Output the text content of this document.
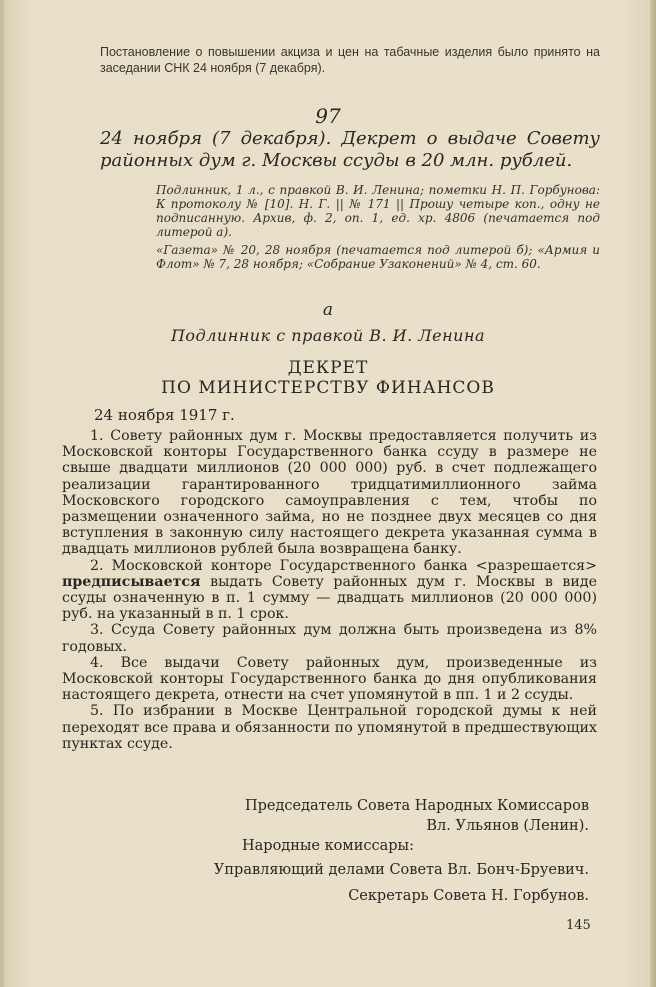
Постановление о повышении акциза и цен на табачные изделия было принято на заседании СНК 24 ноября (7 декабря).
97
24 ноября (7 декабря). Декрет о выдаче Совету районных дум г. Москвы ссуды в 20 млн. рублей.

Подлинник, 1 л., с правкой В. И. Ленина; пометки Н. П. Горбунова: К протоколу № [10]. Н. Г. || № 171 || Прошу четыре коп., одну не подписанную. Архив, ф. 2, оп. 1, ед. хр. 4806 (печатается под литерой а).

«Газета» № 20, 28 ноября (печатается под литерой б); «Армия и Флот» № 7, 28 ноября; «Собрание Узаконений» № 4, ст. 60.

а
Подлинник с правкой В. И. Ленина
ДЕКРЕТ
ПО МИНИСТЕРСТВУ ФИНАНСОВ
24 ноября 1917 г.

1. Совету районных дум г. Москвы предоставляется получить из Московской конторы Государственного банка ссуду в размере не свыше двадцати миллионов (20 000 000) руб. в счет подлежащего реализации гарантированного тридцатимиллионного займа Московского городского самоуправления с тем, чтобы по размещении означенного займа, но не позднее двух месяцев со дня вступления в законную силу настоящего декрета указанная сумма в двадцать миллионов рублей была возвращена банку.

2. Московской конторе Государственного банка <разрешается> предписывается выдать Совету районных дум г. Москвы в виде ссуды означенную в п. 1 сумму — двадцать миллионов (20 000 000) руб. на указанный в п. 1 срок.

3. Ссуда Совету районных дум должна быть произведена из 8% годовых.

4. Все выдачи Совету районных дум, произведенные из Московской конторы Государственного банка до дня опубликования настоящего декрета, отнести на счет упомянутой в пп. 1 и 2 ссуды.

5. По избрании в Москве Центральной городской думы к ней переходят все права и обязанности по упомянутой в предшествующих пунктах ссуде.

Председатель Совета Народных Комиссаров
Вл. Ульянов (Ленин).
Народные комиссары:
Управляющий делами Совета Вл. Бонч-Бруевич.
Секретарь Совета Н. Горбунов.
145
